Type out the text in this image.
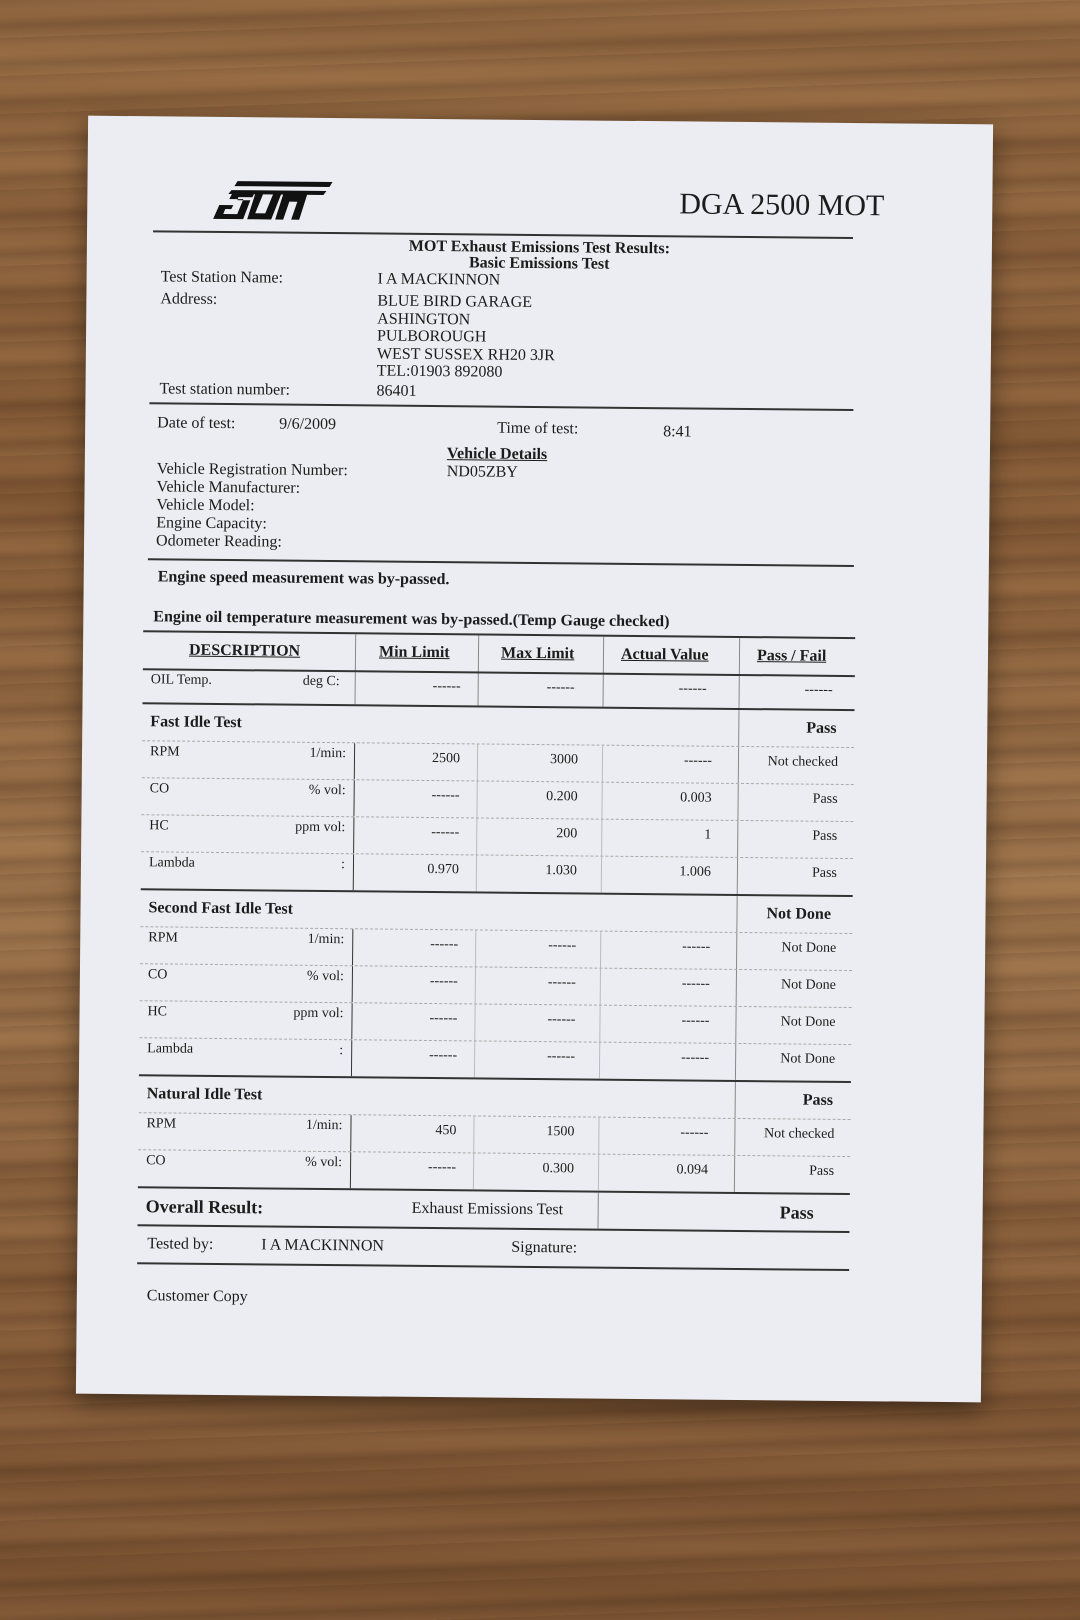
Sun
DGA 2500 MOT
MOT Exhaust Emissions Test Results:
Basic Emissions Test
Test Station Name:	I A MACKINNON
Address:	BLUE BIRD GARAGE
ASHINGTON
PULBOROUGH
WEST SUSSEX RH20 3JR
TEL:01903 892080
Test station number:	86401
Date of test:	9/6/2009	Time of test:	8:41
Vehicle Details
Vehicle Registration Number:	ND05ZBY
Vehicle Manufacturer:
Vehicle Model:
Engine Capacity:
Odometer Reading:
Engine speed measurement was by-passed.
Engine oil temperature measurement was by-passed.(Temp Gauge checked)
DESCRIPTION	Min Limit	Max Limit	Actual Value	Pass / Fail
OIL Temp.	deg C:	------	------	------	------
Fast Idle Test	Pass
RPM	1/min:	2500	3000	------	Not checked
CO	% vol:	------	0.200	0.003	Pass
HC	ppm vol:	------	200	1	Pass
Lambda	:	0.970	1.030	1.006	Pass
Second Fast Idle Test	Not Done
RPM	1/min:	------	------	------	Not Done
CO	% vol:	------	------	------	Not Done
HC	ppm vol:	------	------	------	Not Done
Lambda	:	------	------	------	Not Done
Natural Idle Test	Pass
RPM	1/min:	450	1500	------	Not checked
CO	% vol:	------	0.300	0.094	Pass
Overall Result:	Exhaust Emissions Test	Pass
Tested by:	I A MACKINNON	Signature:
Customer Copy
